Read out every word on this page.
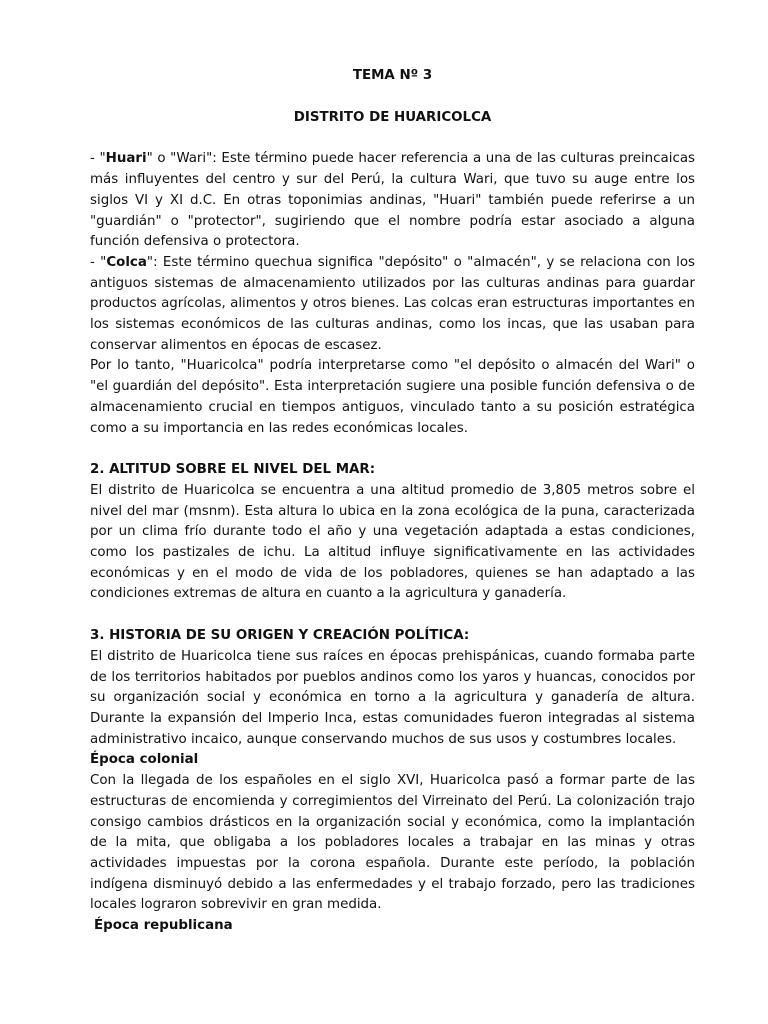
TEMA Nº 3

DISTRITO DE HUARICOLCA

- "Huari" o "Wari": Este término puede hacer referencia a una de las culturas preincaicas más influyentes del centro y sur del Perú, la cultura Wari, que tuvo su auge entre los siglos VI y XI d.C. En otras toponimias andinas, "Huari" también puede referirse a un "guardián" o "protector", sugiriendo que el nombre podría estar asociado a alguna función defensiva o protectora.

- "Colca": Este término quechua significa "depósito" o "almacén", y se relaciona con los antiguos sistemas de almacenamiento utilizados por las culturas andinas para guardar productos agrícolas, alimentos y otros bienes. Las colcas eran estructuras importantes en los sistemas económicos de las culturas andinas, como los incas, que las usaban para conservar alimentos en épocas de escasez.

Por lo tanto, "Huaricolca" podría interpretarse como "el depósito o almacén del Wari" o "el guardián del depósito". Esta interpretación sugiere una posible función defensiva o de almacenamiento crucial en tiempos antiguos, vinculado tanto a su posición estratégica como a su importancia en las redes económicas locales.

2. ALTITUD SOBRE EL NIVEL DEL MAR:

El distrito de Huaricolca se encuentra a una altitud promedio de 3,805 metros sobre el nivel del mar (msnm). Esta altura lo ubica en la zona ecológica de la puna, caracterizada por un clima frío durante todo el año y una vegetación adaptada a estas condiciones, como los pastizales de ichu. La altitud influye significativamente en las actividades económicas y en el modo de vida de los pobladores, quienes se han adaptado a las condiciones extremas de altura en cuanto a la agricultura y ganadería.

3. HISTORIA DE SU ORIGEN Y CREACIÓN POLÍTICA:

El distrito de Huaricolca tiene sus raíces en épocas prehispánicas, cuando formaba parte de los territorios habitados por pueblos andinos como los yaros y huancas, conocidos por su organización social y económica en torno a la agricultura y ganadería de altura. Durante la expansión del Imperio Inca, estas comunidades fueron integradas al sistema administrativo incaico, aunque conservando muchos de sus usos y costumbres locales.

Época colonial

Con la llegada de los españoles en el siglo XVI, Huaricolca pasó a formar parte de las estructuras de encomienda y corregimientos del Virreinato del Perú. La colonización trajo consigo cambios drásticos en la organización social y económica, como la implantación de la mita, que obligaba a los pobladores locales a trabajar en las minas y otras actividades impuestas por la corona española. Durante este período, la población indígena disminuyó debido a las enfermedades y el trabajo forzado, pero las tradiciones locales lograron sobrevivir en gran medida.

Época republicana
